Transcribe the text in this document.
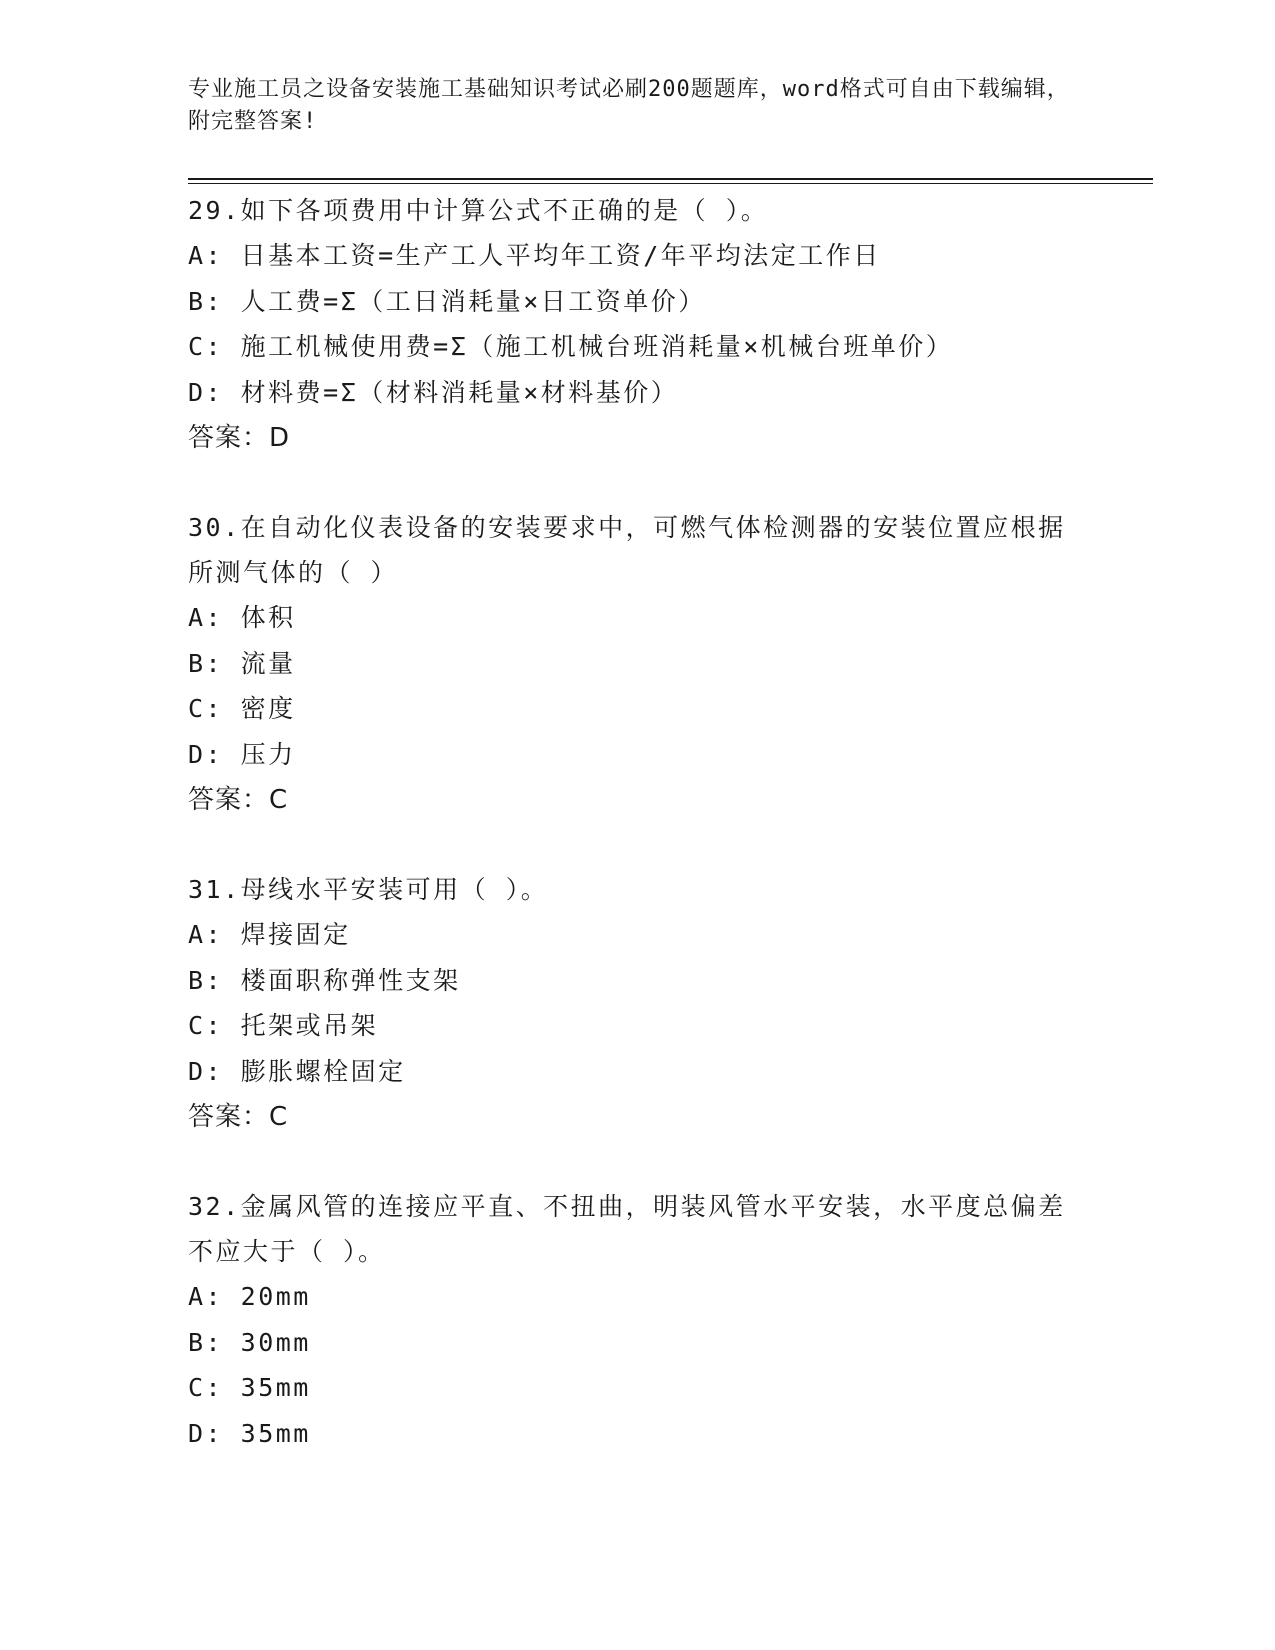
专业施工员之设备安装施工基础知识考试必刷200题题库，word格式可自由下载编辑，附完整答案!

29.如下各项费用中计算公式不正确的是（ ）。

A: 日基本工资=生产工人平均年工资/年平均法定工作日

B: 人工费=Σ（工日消耗量×日工资单价）

C: 施工机械使用费=Σ（施工机械台班消耗量×机械台班单价）

D: 材料费=Σ（材料消耗量×材料基价）

答案：D

30.在自动化仪表设备的安装要求中，可燃气体检测器的安装位置应根据所测气体的（ ）

A: 体积

B: 流量

C: 密度

D: 压力

答案：C

31.母线水平安装可用（ ）。

A: 焊接固定

B: 楼面职称弹性支架

C: 托架或吊架

D: 膨胀螺栓固定

答案：C

32.金属风管的连接应平直、不扭曲，明装风管水平安装，水平度总偏差不应大于（ ）。

A: 20mm

B: 30mm

C: 35mm

D: 35mm
